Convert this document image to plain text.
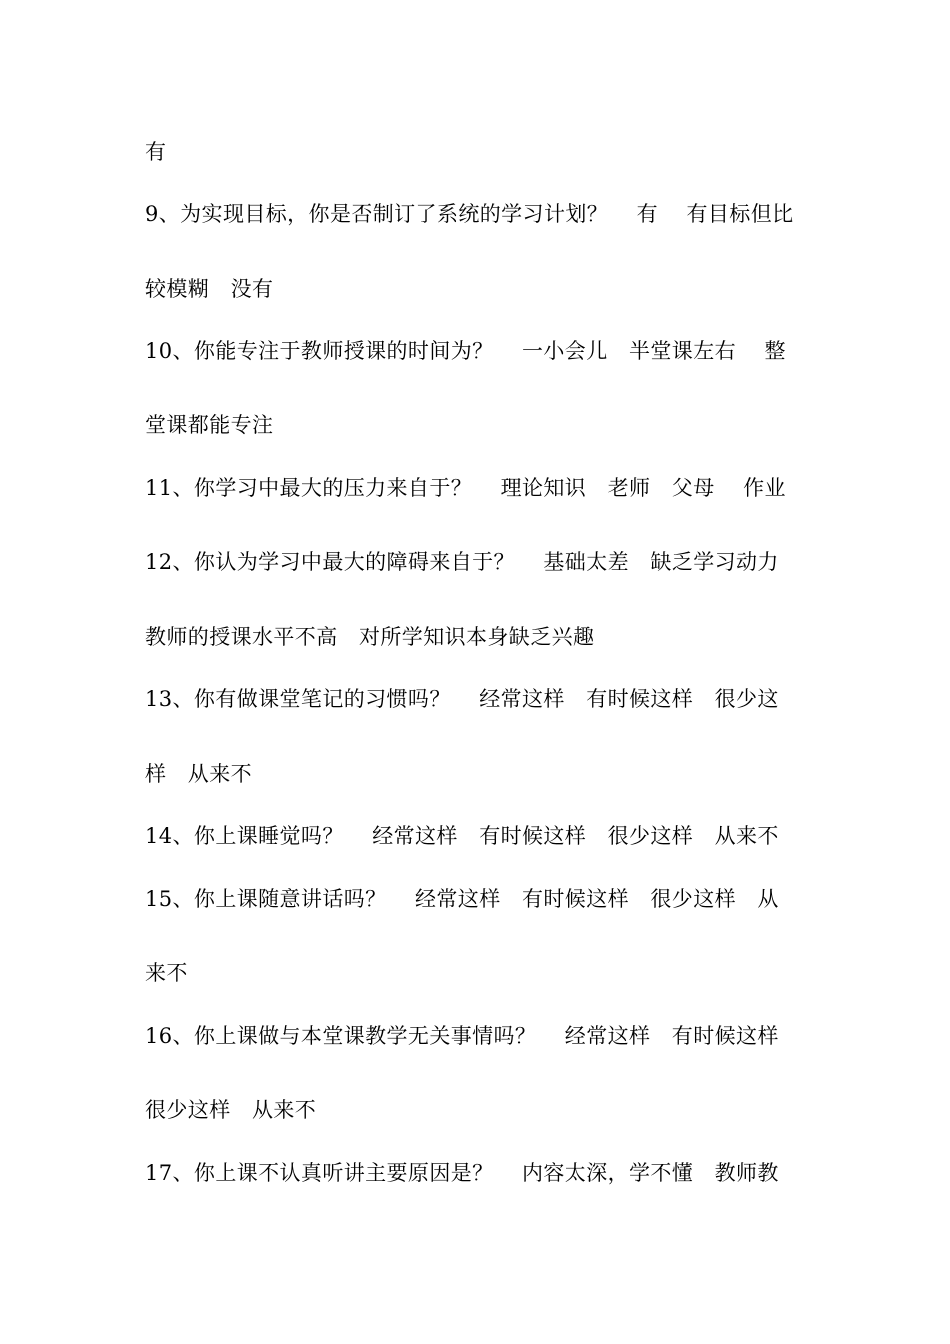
有
9、为实现目标，你是否制订了系统的学习计划？　 有　 有目标但比
较模糊　没有
10、你能专注于教师授课的时间为？　 一小会儿　半堂课左右　 整
堂课都能专注
11、你学习中最大的压力来自于？　 理论知识　老师　父母　 作业
12、你认为学习中最大的障碍来自于？　 基础太差　缺乏学习动力
教师的授课水平不高　对所学知识本身缺乏兴趣
13、你有做课堂笔记的习惯吗？　 经常这样　有时候这样　很少这
样　从来不
14、你上课睡觉吗？　 经常这样　有时候这样　很少这样　从来不
15、你上课随意讲话吗？　 经常这样　有时候这样　很少这样　从
来不
16、你上课做与本堂课教学无关事情吗？　 经常这样　有时候这样
很少这样　从来不
17、你上课不认真听讲主要原因是？　 内容太深，学不懂　教师教
